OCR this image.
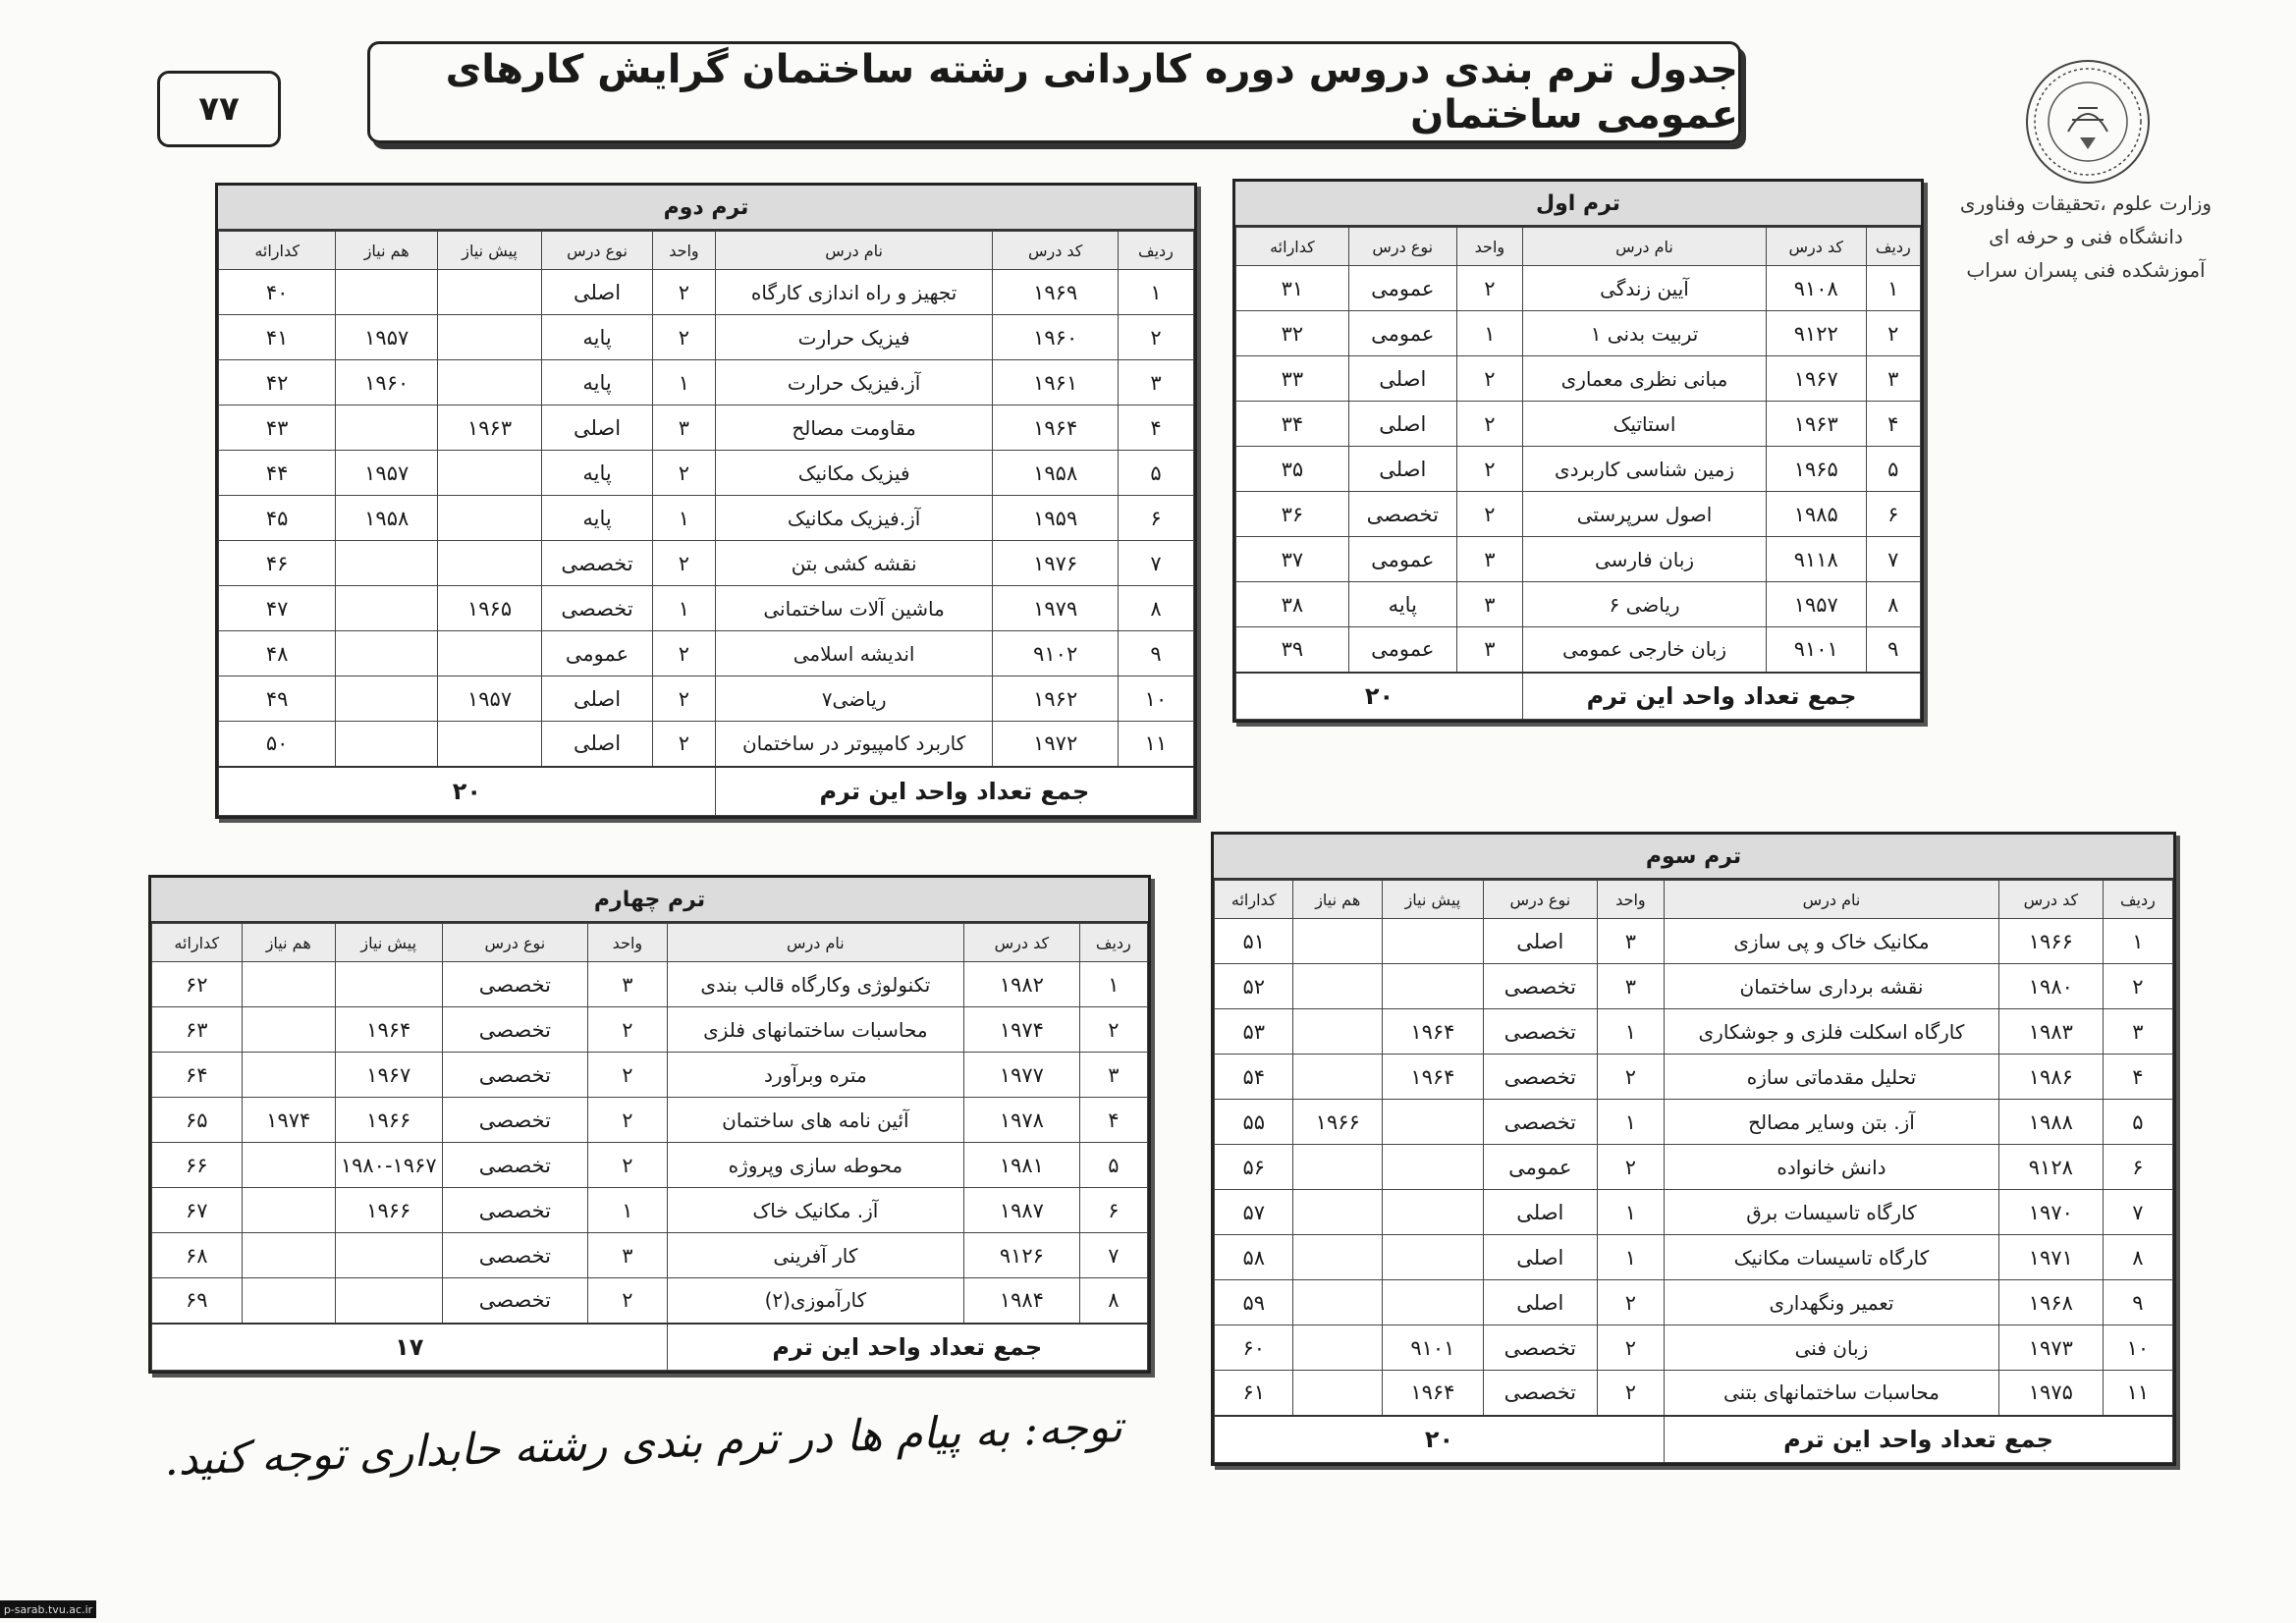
۷۷
جدول ترم بندی دروس دوره کاردانی رشته ساختمان گرایش کارهای عمومی ساختمان
وزارت علوم ،تحقیقات وفناوری
دانشگاه فنی و حرفه ای
آموزشکده فنی پسران سراب
ترم اول
ردیف	کد درس	نام درس	واحد	نوع درس	کدارائه
۱	۹۱۰۸	آیین زندگی	۲	عمومی	۳۱
۲	۹۱۲۲	تربیت بدنی ۱	۱	عمومی	۳۲
۳	۱۹۶۷	مبانی نظری معماری	۲	اصلی	۳۳
۴	۱۹۶۳	استاتیک	۲	اصلی	۳۴
۵	۱۹۶۵	زمین شناسی کاربردی	۲	اصلی	۳۵
۶	۱۹۸۵	اصول سرپرستی	۲	تخصصی	۳۶
۷	۹۱۱۸	زبان فارسی	۳	عمومی	۳۷
۸	۱۹۵۷	ریاضی ۶	۳	پایه	۳۸
۹	۹۱۰۱	زبان خارجی عمومی	۳	عمومی	۳۹
جمع تعداد واحد این ترم			۲۰		
ترم دوم
ردیف	کد درس	نام درس	واحد	نوع درس	پیش نیاز	هم نیاز	کدارائه
۱	۱۹۶۹	تجهیز و راه اندازی کارگاه	۲	اصلی			۴۰
۲	۱۹۶۰	فیزیک حرارت	۲	پایه		۱۹۵۷	۴۱
۳	۱۹۶۱	آز.فیزیک حرارت	۱	پایه		۱۹۶۰	۴۲
۴	۱۹۶۴	مقاومت مصالح	۳	اصلی	۱۹۶۳		۴۳
۵	۱۹۵۸	فیزیک مکانیک	۲	پایه		۱۹۵۷	۴۴
۶	۱۹۵۹	آز.فیزیک مکانیک	۱	پایه		۱۹۵۸	۴۵
۷	۱۹۷۶	نقشه کشی بتن	۲	تخصصی			۴۶
۸	۱۹۷۹	ماشین آلات ساختمانی	۱	تخصصی	۱۹۶۵		۴۷
۹	۹۱۰۲	اندیشه اسلامی	۲	عمومی			۴۸
۱۰	۱۹۶۲	ریاضی۷	۲	اصلی	۱۹۵۷		۴۹
۱۱	۱۹۷۲	کاربرد کامپیوتر در ساختمان	۲	اصلی			۵۰
جمع تعداد واحد این ترم			۲۰				
ترم سوم
ردیف	کد درس	نام درس	واحد	نوع درس	پیش نیاز	هم نیاز	کدارائه
۱	۱۹۶۶	مکانیک خاک و پی سازی	۳	اصلی			۵۱
۲	۱۹۸۰	نقشه برداری ساختمان	۳	تخصصی			۵۲
۳	۱۹۸۳	کارگاه اسکلت فلزی و جوشکاری	۱	تخصصی	۱۹۶۴		۵۳
۴	۱۹۸۶	تحلیل مقدماتی سازه	۲	تخصصی	۱۹۶۴		۵۴
۵	۱۹۸۸	آز. بتن وسایر مصالح	۱	تخصصی		۱۹۶۶	۵۵
۶	۹۱۲۸	دانش خانواده	۲	عمومی			۵۶
۷	۱۹۷۰	کارگاه تاسیسات برق	۱	اصلی			۵۷
۸	۱۹۷۱	کارگاه تاسیسات مکانیک	۱	اصلی			۵۸
۹	۱۹۶۸	تعمیر ونگهداری	۲	اصلی			۵۹
۱۰	۱۹۷۳	زبان فنی	۲	تخصصی	۹۱۰۱		۶۰
۱۱	۱۹۷۵	محاسبات ساختمانهای بتنی	۲	تخصصی	۱۹۶۴		۶۱
جمع تعداد واحد این ترم			۲۰				
ترم چهارم
ردیف	کد درس	نام درس	واحد	نوع درس	پیش نیاز	هم نیاز	کدارائه
۱	۱۹۸۲	تکنولوژی وکارگاه قالب بندی	۳	تخصصی			۶۲
۲	۱۹۷۴	محاسبات ساختمانهای فلزی	۲	تخصصی	۱۹۶۴		۶۳
۳	۱۹۷۷	متره وبرآورد	۲	تخصصی	۱۹۶۷		۶۴
۴	۱۹۷۸	آئین نامه های ساختمان	۲	تخصصی	۱۹۶۶	۱۹۷۴	۶۵
۵	۱۹۸۱	محوطه سازی وپروژه	۲	تخصصی	۱۹۸۰-۱۹۶۷		۶۶
۶	۱۹۸۷	آز. مکانیک خاک	۱	تخصصی	۱۹۶۶		۶۷
۷	۹۱۲۶	کار آفرینی	۳	تخصصی			۶۸
۸	۱۹۸۴	کارآموزی(۲)	۲	تخصصی			۶۹
جمع تعداد واحد این ترم			۱۷				
توجه: به پیام ها در ترم بندی رشته حابداری توجه کنید.
p-sarab.tvu.ac.ir
